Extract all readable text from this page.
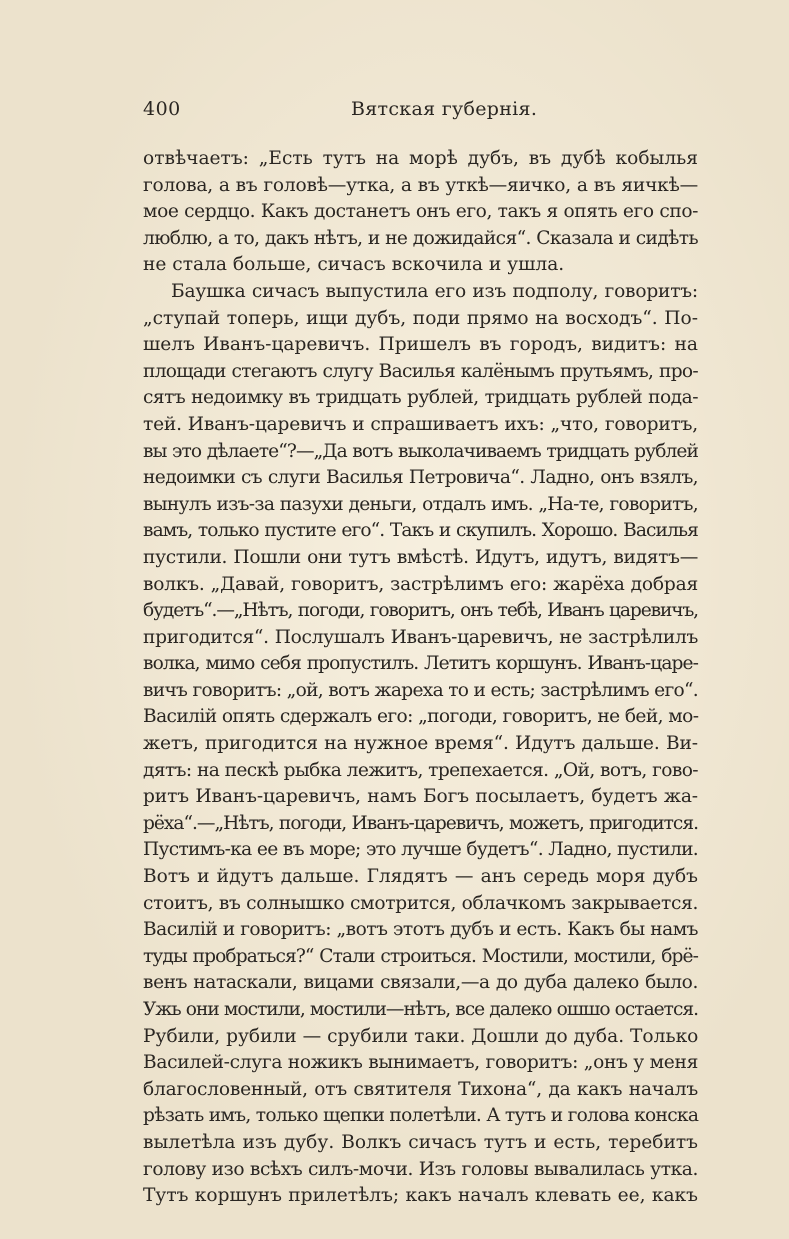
400	Вятская губернія.
отвѣчаетъ: „Есть тутъ на морѣ дубъ, въ дубѣ кобылья
голова, а въ головѣ—утка, а въ уткѣ—яичко, а въ яичкѣ—
мое сердцо. Какъ достанетъ онъ его, такъ я опять его спо-
люблю, а то, дакъ нѣтъ, и не дожидайся“. Сказала и сидѣть
не стала больше, сичасъ вскочила и ушла.
Баушка сичасъ выпустила его изъ подполу, говоритъ:
„ступай топерь, ищи дубъ, поди прямо на восходъ“. По-
шелъ Иванъ-царевичъ. Пришелъ въ городъ, видитъ: на
площади стегаютъ слугу Василья калёнымъ прутьямъ, про-
сятъ недоимку въ тридцать рублей, тридцать рублей пода-
тей. Иванъ-царевичъ и спрашиваетъ ихъ: „что, говоритъ,
вы это дѣлаете“?—„Да вотъ выколачиваемъ тридцать рублей
недоимки съ слуги Василья Петровича“. Ладно, онъ взялъ,
вынулъ изъ-за пазухи деньги, отдалъ имъ. „На-те, говоритъ,
вамъ, только пустите его“. Такъ и скупилъ. Хорошо. Василья
пустили. Пошли они тутъ вмѣстѣ. Идутъ, идутъ, видятъ—
волкъ. „Давай, говоритъ, застрѣлимъ его: жарёха добрая
будетъ“.—„Нѣтъ, погоди, говоритъ, онъ тебѣ, Иванъ царевичъ,
пригодится“. Послушалъ Иванъ-царевичъ, не застрѣлилъ
волка, мимо себя пропустилъ. Летитъ коршунъ. Иванъ-царе-
вичъ говоритъ: „ой, вотъ жареха то и есть; застрѣлимъ его“.
Василій опять сдержалъ его: „погоди, говоритъ, не бей, мо-
жетъ, пригодится на нужное время“. Идутъ дальше. Ви-
дятъ: на пескѣ рыбка лежитъ, трепехается. „Ой, вотъ, гово-
ритъ Иванъ-царевичъ, намъ Богъ посылаетъ, будетъ жа-
рёха“.—„Нѣтъ, погоди, Иванъ-царевичъ, можетъ, пригодится.
Пустимъ-ка ее въ море; это лучше будетъ“. Ладно, пустили.
Вотъ и йдутъ дальше. Глядятъ — анъ середь моря дубъ
стоитъ, въ солнышко смотрится, облачкомъ закрывается.
Василій и говоритъ: „вотъ этотъ дубъ и есть. Какъ бы намъ
туды пробраться?“ Стали строиться. Мостили, мостили, брё-
венъ натаскали, вицами связали,—а до дуба далеко было.
Ужь они мостили, мостили—нѣтъ, все далеко ошшо остается.
Рубили, рубили — срубили таки. Дошли до дуба. Только
Василей-слуга ножикъ вынимаетъ, говоритъ: „онъ у меня
благословенный, отъ святителя Тихона“, да какъ началъ
рѣзать имъ, только щепки полетѣли. А тутъ и голова конска
вылетѣла изъ дубу. Волкъ сичасъ тутъ и есть, теребитъ
голову изо всѣхъ силъ-мочи. Изъ головы вывалилась утка.
Тутъ коршунъ прилетѣлъ; какъ началъ клевать ее, какъ
